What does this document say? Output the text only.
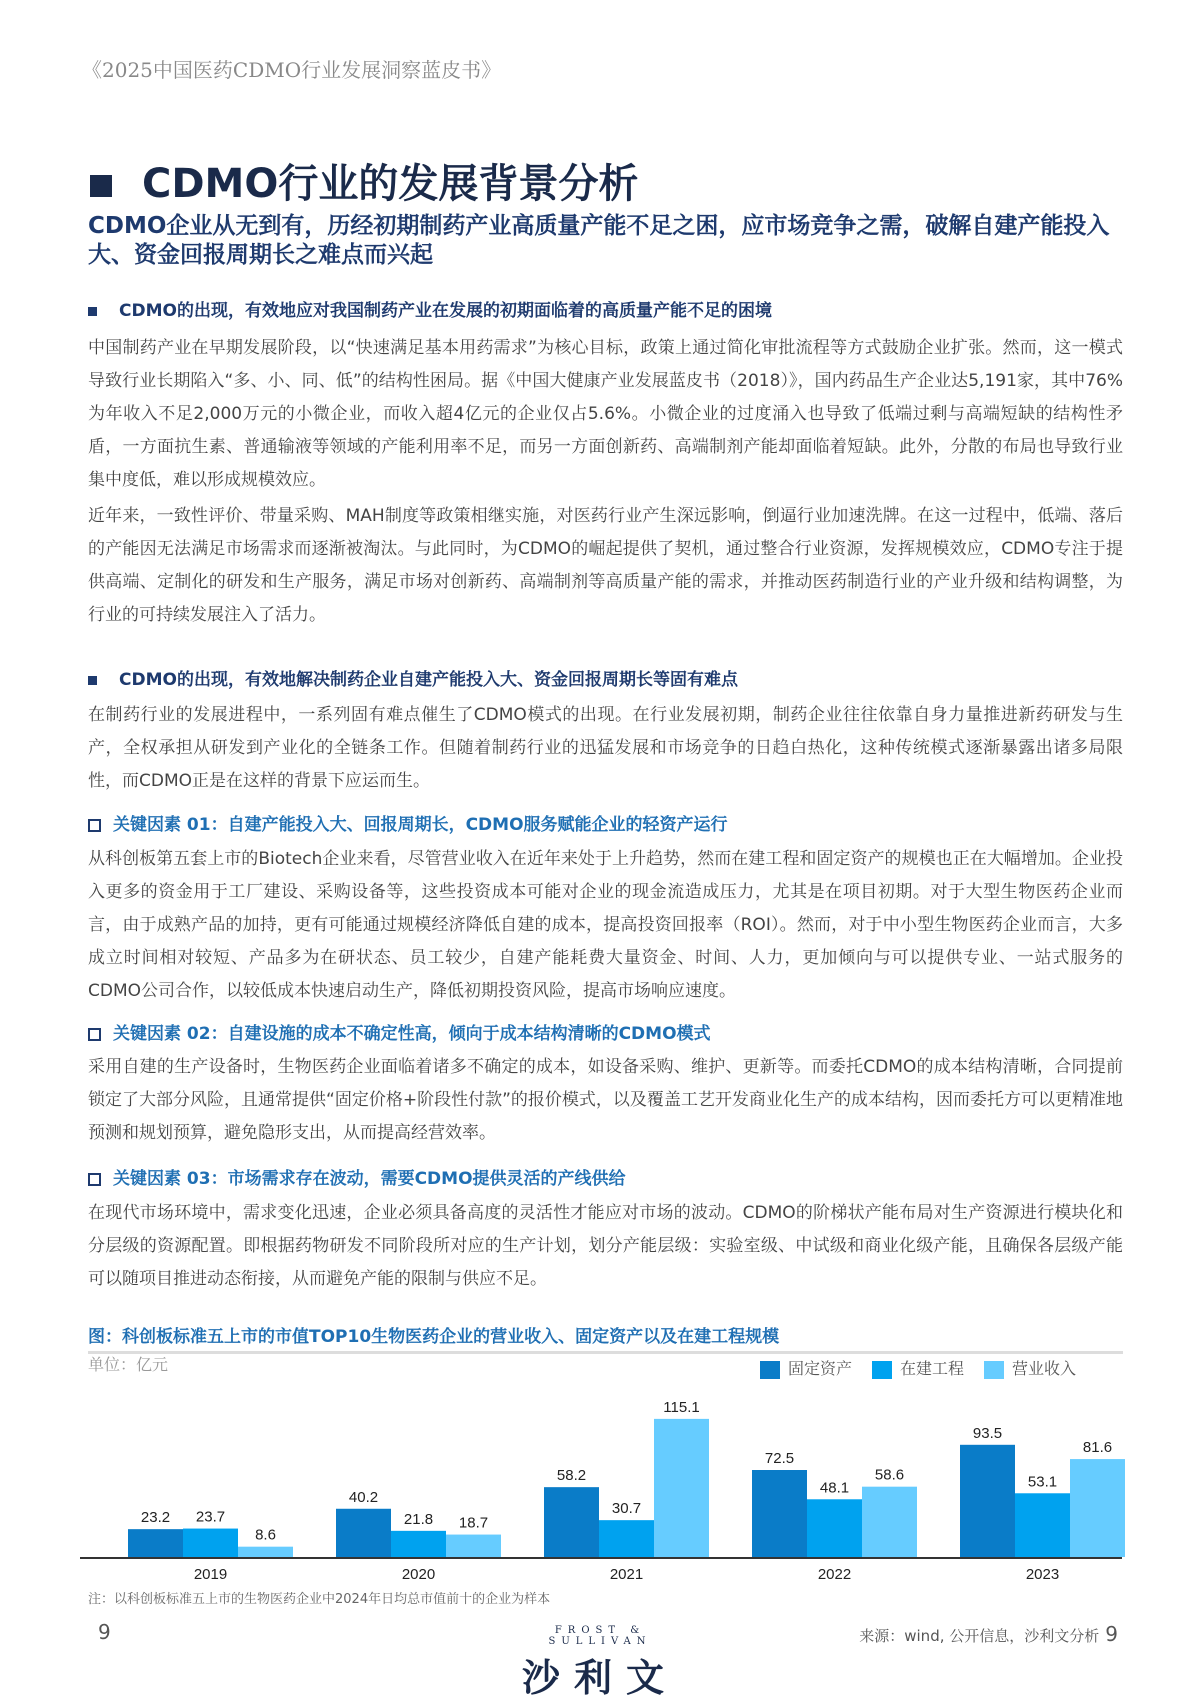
《2025中国医药CDMO行业发展洞察蓝皮书》
CDMO行业的发展背景分析
CDMO企业从无到有，历经初期制药产业高质量产能不足之困，应市场竞争之需，破解自建产能投入大、资金回报周期长之难点而兴起
CDMO的出现，有效地应对我国制药产业在发展的初期面临着的高质量产能不足的困境
中国制药产业在早期发展阶段，以“快速满足基本用药需求”为核心目标，政策上通过简化审批流程等方式鼓励企业扩张。然而，这一模式导致行业长期陷入“多、小、同、低”的结构性困局。据《中国大健康产业发展蓝皮书（2018）》，国内药品生产企业达5,191家，其中76%为年收入不足2,000万元的小微企业，而收入超4亿元的企业仅占5.6%。小微企业的过度涌入也导致了低端过剩与高端短缺的结构性矛盾，一方面抗生素、普通输液等领域的产能利用率不足，而另一方面创新药、高端制剂产能却面临着短缺。此外，分散的布局也导致行业集中度低，难以形成规模效应。
近年来，一致性评价、带量采购、MAH制度等政策相继实施，对医药行业产生深远影响，倒逼行业加速洗牌。在这一过程中，低端、落后的产能因无法满足市场需求而逐渐被淘汰。与此同时，为CDMO的崛起提供了契机，通过整合行业资源，发挥规模效应，CDMO专注于提供高端、定制化的研发和生产服务，满足市场对创新药、高端制剂等高质量产能的需求，并推动医药制造行业的产业升级和结构调整，为行业的可持续发展注入了活力。
CDMO的出现，有效地解决制药企业自建产能投入大、资金回报周期长等固有难点
在制药行业的发展进程中，一系列固有难点催生了CDMO模式的出现。在行业发展初期，制药企业往往依靠自身力量推进新药研发与生产，全权承担从研发到产业化的全链条工作。但随着制药行业的迅猛发展和市场竞争的日趋白热化，这种传统模式逐渐暴露出诸多局限性，而CDMO正是在这样的背景下应运而生。
关键因素 01：自建产能投入大、回报周期长，CDMO服务赋能企业的轻资产运行
从科创板第五套上市的Biotech企业来看，尽管营业收入在近年来处于上升趋势，然而在建工程和固定资产的规模也正在大幅增加。企业投入更多的资金用于工厂建设、采购设备等，这些投资成本可能对企业的现金流造成压力，尤其是在项目初期。对于大型生物医药企业而言，由于成熟产品的加持，更有可能通过规模经济降低自建的成本，提高投资回报率（ROI）。然而，对于中小型生物医药企业而言，大多成立时间相对较短、产品多为在研状态、员工较少，自建产能耗费大量资金、时间、人力，更加倾向与可以提供专业、一站式服务的CDMO公司合作，以较低成本快速启动生产，降低初期投资风险，提高市场响应速度。
关键因素 02：自建设施的成本不确定性高，倾向于成本结构清晰的CDMO模式
采用自建的生产设备时，生物医药企业面临着诸多不确定的成本，如设备采购、维护、更新等。而委托CDMO的成本结构清晰，合同提前锁定了大部分风险，且通常提供“固定价格+阶段性付款”的报价模式，以及覆盖工艺开发商业化生产的成本结构，因而委托方可以更精准地预测和规划预算，避免隐形支出，从而提高经营效率。
关键因素 03：市场需求存在波动，需要CDMO提供灵活的产线供给
在现代市场环境中，需求变化迅速，企业必须具备高度的灵活性才能应对市场的波动。CDMO的阶梯状产能布局对生产资源进行模块化和分层级的资源配置。即根据药物研发不同阶段所对应的生产计划，划分产能层级：实验室级、中试级和商业化级产能，且确保各层级产能可以随项目推进动态衔接，从而避免产能的限制与供应不足。
图：科创板标准五上市的市值TOP10生物医药企业的营业收入、固定资产以及在建工程规模
单位：亿元	固定资产	在建工程	营业收入
23.2 23.7
8.6
2019
40.2
21.8 18.7
2020
58.2
30.7
115.1
2021
72.5
48.1
58.6
2022
93.5
53.1
81.6
2023
注：以科创板标准五上市的生物医药企业中2024年日均总市值前十的企业为样本
9	FROST & SULLIVAN
沙利文
来源：wind, 公开信息，沙利文分析 9
